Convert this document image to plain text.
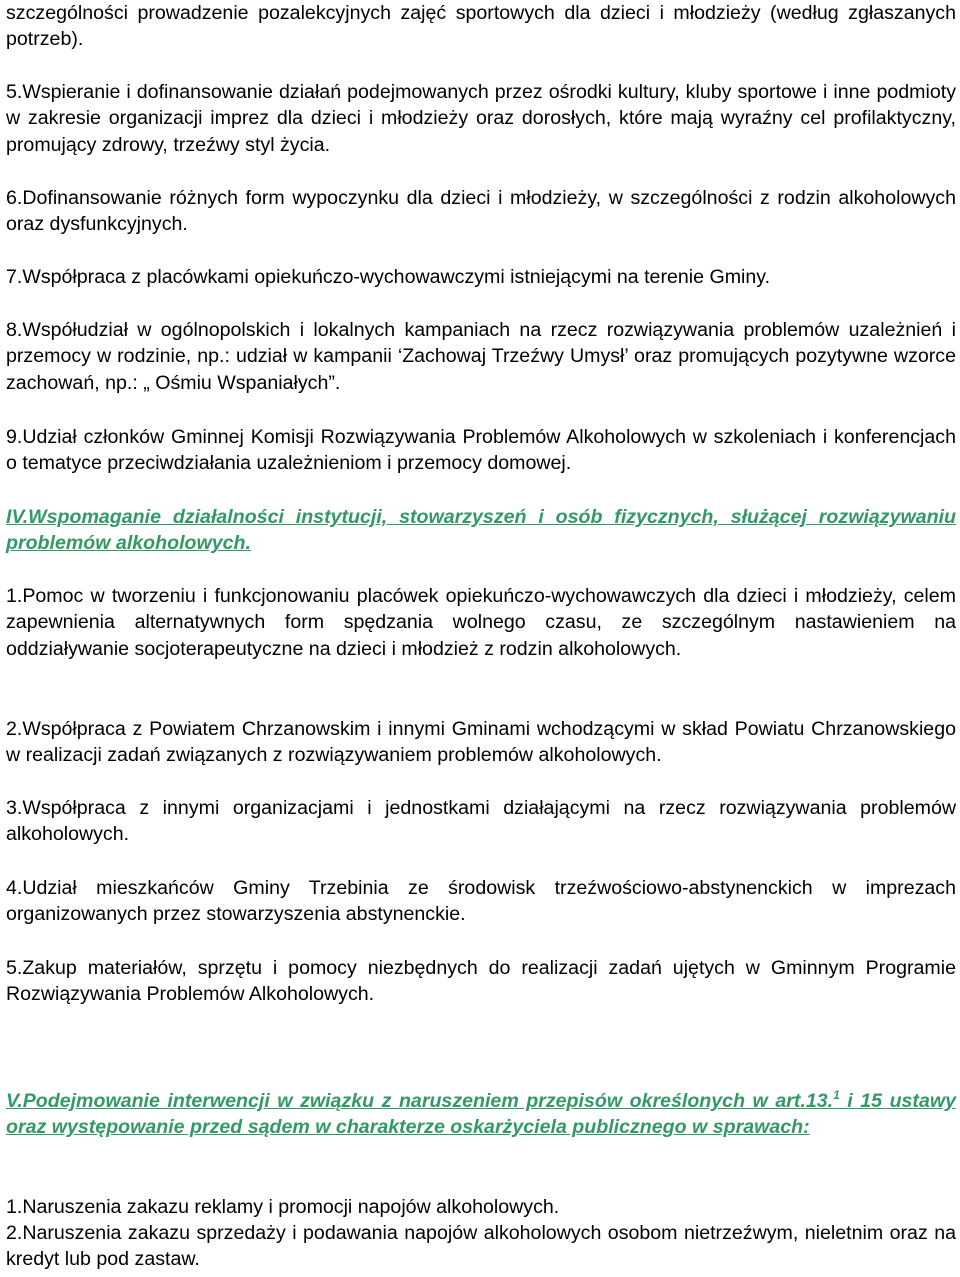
szczególności prowadzenie pozalekcyjnych zajęć sportowych dla dzieci i młodzieży (według zgłaszanych potrzeb).

5.Wspieranie i dofinansowanie działań podejmowanych przez ośrodki kultury, kluby sportowe i inne podmioty w zakresie organizacji imprez dla dzieci i młodzieży oraz dorosłych, które mają wyraźny cel profilaktyczny, promujący zdrowy, trzeźwy styl życia.

6.Dofinansowanie różnych form wypoczynku dla dzieci i młodzieży, w szczególności z rodzin alkoholowych oraz dysfunkcyjnych.

7.Współpraca z placówkami opiekuńczo-wychowawczymi istniejącymi na terenie Gminy.

8.Współudział w ogólnopolskich i lokalnych kampaniach na rzecz rozwiązywania problemów uzależnień i przemocy w rodzinie, np.: udział w kampanii ‘Zachowaj Trzeźwy Umysł’ oraz promujących pozytywne wzorce zachowań, np.: „ Ośmiu Wspaniałych”.

9.Udział członków Gminnej Komisji Rozwiązywania Problemów Alkoholowych w szkoleniach i konferencjach o tematyce przeciwdziałania uzależnieniom i przemocy domowej.

IV.Wspomaganie działalności instytucji, stowarzyszeń i osób fizycznych, służącej rozwiązywaniu problemów alkoholowych.

1.Pomoc w tworzeniu i funkcjonowaniu placówek opiekuńczo-wychowawczych dla dzieci i młodzieży, celem zapewnienia alternatywnych form spędzania wolnego czasu, ze szczególnym nastawieniem na oddziaływanie socjoterapeutyczne na dzieci i młodzież z rodzin alkoholowych.

2.Współpraca z Powiatem Chrzanowskim i innymi Gminami wchodzącymi w skład Powiatu Chrzanowskiego w realizacji zadań związanych z rozwiązywaniem problemów alkoholowych.

3.Współpraca z innymi organizacjami i jednostkami działającymi na rzecz rozwiązywania problemów alkoholowych.

4.Udział mieszkańców Gminy Trzebinia ze środowisk trzeźwościowo-abstynenckich w imprezach organizowanych przez stowarzyszenia abstynenckie.

5.Zakup materiałów, sprzętu i pomocy niezbędnych do realizacji zadań ujętych w Gminnym Programie Rozwiązywania Problemów Alkoholowych.

V.Podejmowanie interwencji w związku z naruszeniem przepisów określonych w art.13.$^1$ i 15 ustawy oraz występowanie przed sądem w charakterze oskarżyciela publicznego w sprawach:

1.Naruszenia zakazu reklamy i promocji napojów alkoholowych.

2.Naruszenia zakazu sprzedaży i podawania napojów alkoholowych osobom nietrzeźwym, nieletnim oraz na kredyt lub pod zastaw.
